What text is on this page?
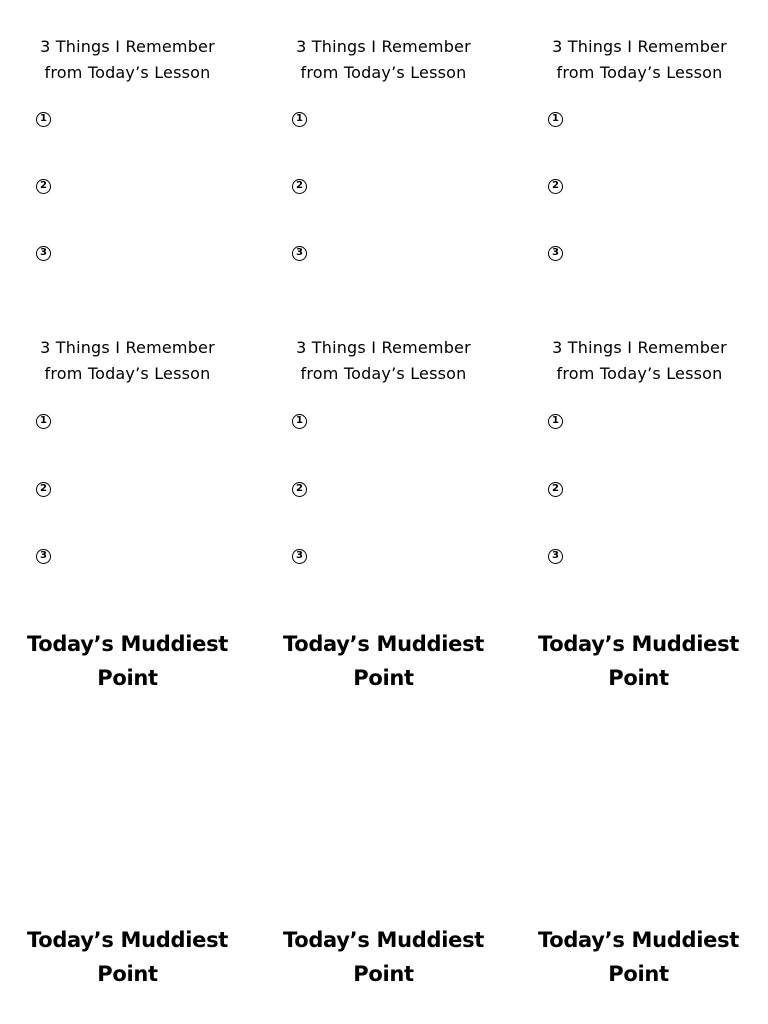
3 Things I Remember
from Today’s Lesson
1
2
3
3 Things I Remember
from Today’s Lesson
1
2
3
3 Things I Remember
from Today’s Lesson
1
2
3
3 Things I Remember
from Today’s Lesson
1
2
3
3 Things I Remember
from Today’s Lesson
1
2
3
3 Things I Remember
from Today’s Lesson
1
2
3
Today’s Muddiest
Point
Today’s Muddiest
Point
Today’s Muddiest
Point
Today’s Muddiest
Point
Today’s Muddiest
Point
Today’s Muddiest
Point
